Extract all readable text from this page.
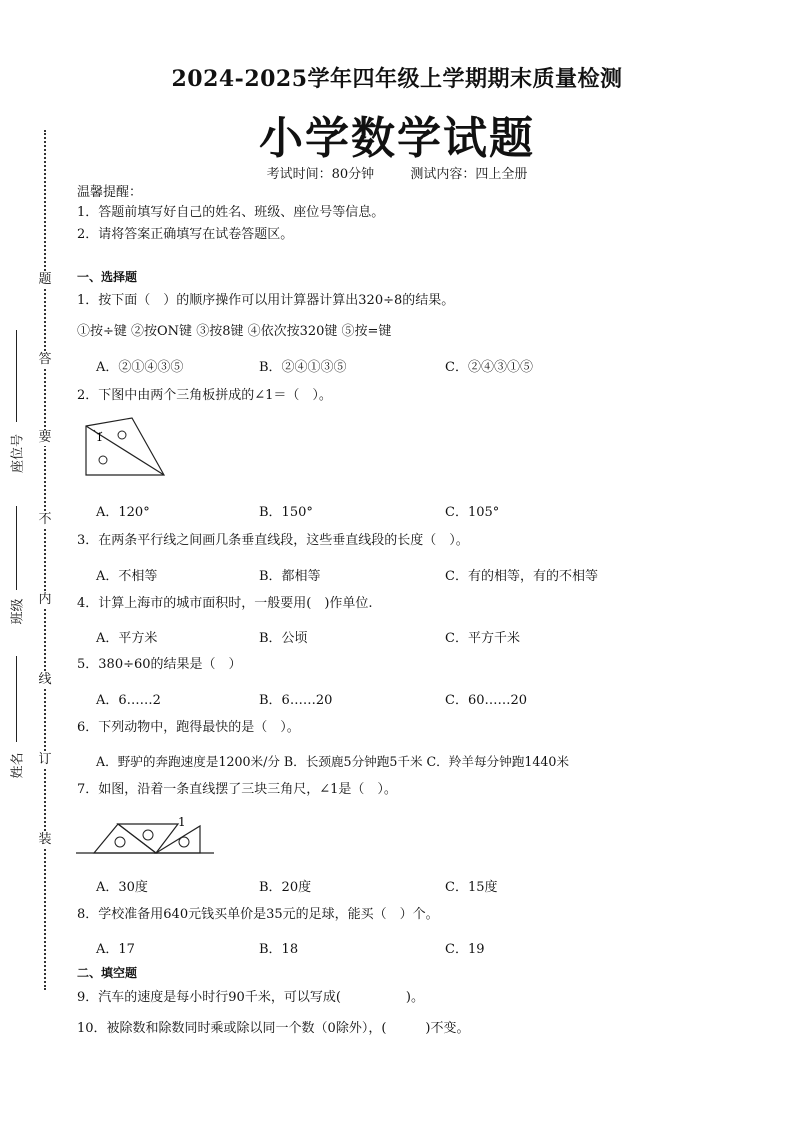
2024-2025学年四年级上学期期末质量检测
小学数学试题
考试时间：80分钟	测试内容：四上全册
题
答
要
不
内
线
订
装
座位号
班级
姓名
温馨提醒：
1．答题前填写好自己的姓名、班级、座位号等信息。
2．请将答案正确填写在试卷答题区。
一、选择题
1．按下面（　）的顺序操作可以用计算器计算出320÷8的结果。
①按÷键 ②按ON键 ③按8键 ④依次按320键 ⑤按=键
A．②①④③⑤	B．②④①③⑤	C．②④③①⑤
2．下图中由两个三角板拼成的∠1＝（　）。
1
A．120°	B．150°	C．105°
3．在两条平行线之间画几条垂直线段，这些垂直线段的长度（　）。
A．不相等	B．都相等	C．有的相等，有的不相等
4．计算上海市的城市面积时，一般要用(　)作单位.
A．平方米	B．公顷	C．平方千米
5．380÷60的结果是（　）
A．6……2	B．6……20	C．60……20
6．下列动物中，跑得最快的是（　）。
A．野驴的奔跑速度是1200米/分 B．长颈鹿5分钟跑5千米 C．羚羊每分钟跑1440米
7．如图，沿着一条直线摆了三块三角尺，∠1是（　）。
1
A．30度	B．20度	C．15度
8．学校准备用640元钱买单价是35元的足球，能买（　）个。
A．17	B．18	C．19
二、填空题
9．汽车的速度是每小时行90千米，可以写成(　　　　　)。
10．被除数和除数同时乘或除以同一个数（0除外），(　　　)不变。
